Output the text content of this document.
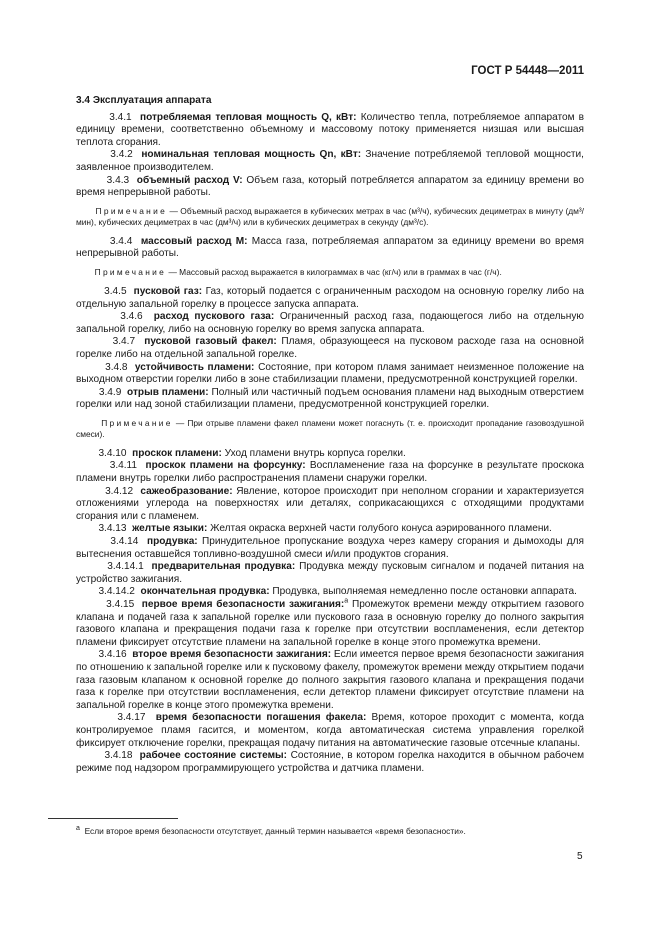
ГОСТ Р 54448—2011

3.4 Эксплуатация аппарата

3.4.1 потребляемая тепловая мощность Q, кВт: Количество тепла, потребляемое аппаратом в единицу времени, соответственно объемному и массовому потоку применяется низшая или высшая теплота сгорания.

3.4.2 номинальная тепловая мощность Qn, кВт: Значение потребляемой тепловой мощности, заявленное производителем.

3.4.3 объемный расход V: Объем газа, который потребляется аппаратом за единицу времени во время непрерывной работы.

Примечание — Объемный расход выражается в кубических метрах в час (м³/ч), кубических дециметрах в минуту (дм³/мин), кубических дециметрах в час (дм³/ч) или в кубических дециметрах в секунду (дм³/с).

3.4.4 массовый расход M: Масса газа, потребляемая аппаратом за единицу времени во время непрерывной работы.

Примечание — Массовый расход выражается в килограммах в час (кг/ч) или в граммах в час (г/ч).

3.4.5 пусковой газ: Газ, который подается с ограниченным расходом на основную горелку либо на отдельную запальной горелку в процессе запуска аппарата.

3.4.6 расход пускового газа: Ограниченный расход газа, подающегося либо на отдельную запальной горелку, либо на основную горелку во время запуска аппарата.

3.4.7 пусковой газовый факел: Пламя, образующееся на пусковом расходе газа на основной горелке либо на отдельной запальной горелке.

3.4.8 устойчивость пламени: Состояние, при котором пламя занимает неизменное положение на выходном отверстии горелки либо в зоне стабилизации пламени, предусмотренной конструкцией горелки.

3.4.9 отрыв пламени: Полный или частичный подъем основания пламени над выходным отверстием горелки или над зоной стабилизации пламени, предусмотренной конструкцией горелки.

Примечание — При отрыве пламени факел пламени может погаснуть (т. е. происходит пропадание газовоздушной смеси).

3.4.10 проскок пламени: Уход пламени внутрь корпуса горелки.

3.4.11 проскок пламени на форсунку: Воспламенение газа на форсунке в результате проскока пламени внутрь горелки либо распространения пламени снаружи горелки.

3.4.12 сажеобразование: Явление, которое происходит при неполном сгорании и характеризуется отложениями углерода на поверхностях или деталях, соприкасающихся с отходящими продуктами сгорания или с пламенем.

3.4.13 желтые языки: Желтая окраска верхней части голубого конуса аэрированного пламени.

3.4.14 продувка: Принудительное пропускание воздуха через камеру сгорания и дымоходы для вытеснения оставшейся топливно-воздушной смеси и/или продуктов сгорания.

3.4.14.1 предварительная продувка: Продувка между пусковым сигналом и подачей питания на устройство зажигания.

3.4.14.2 окончательная продувка: Продувка, выполняемая немедленно после остановки аппарата.

3.4.15 первое время безопасности зажигания:$^a$ Промежуток времени между открытием газового клапана и подачей газа к запальной горелке или пускового газа в основную горелку до полного закрытия газового клапана и прекращения подачи газа к горелке при отсутствии воспламенения, если детектор пламени фиксирует отсутствие пламени на запальной горелке в конце этого промежутка времени.

3.4.16 второе время безопасности зажигания: Если имеется первое время безопасности зажигания по отношению к запальной горелке или к пусковому факелу, промежуток времени между открытием подачи газа газовым клапаном к основной горелке до полного закрытия газового клапана и прекращения подачи газа к горелке при отсутствии воспламенения, если детектор пламени фиксирует отсутствие пламени на запальной горелке в конце этого промежутка времени.

3.4.17 время безопасности погашения факела: Время, которое проходит с момента, когда контролируемое пламя гасится, и моментом, когда автоматическая система управления горелкой фиксирует отключение горелки, прекращая подачу питания на автоматические газовые отсечные клапаны.

3.4.18 рабочее состояние системы: Состояние, в котором горелка находится в обычном рабочем режиме под надзором программирующего устройства и датчика пламени.

$^a$ Если второе время безопасности отсутствует, данный термин называется «время безопасности».
5
